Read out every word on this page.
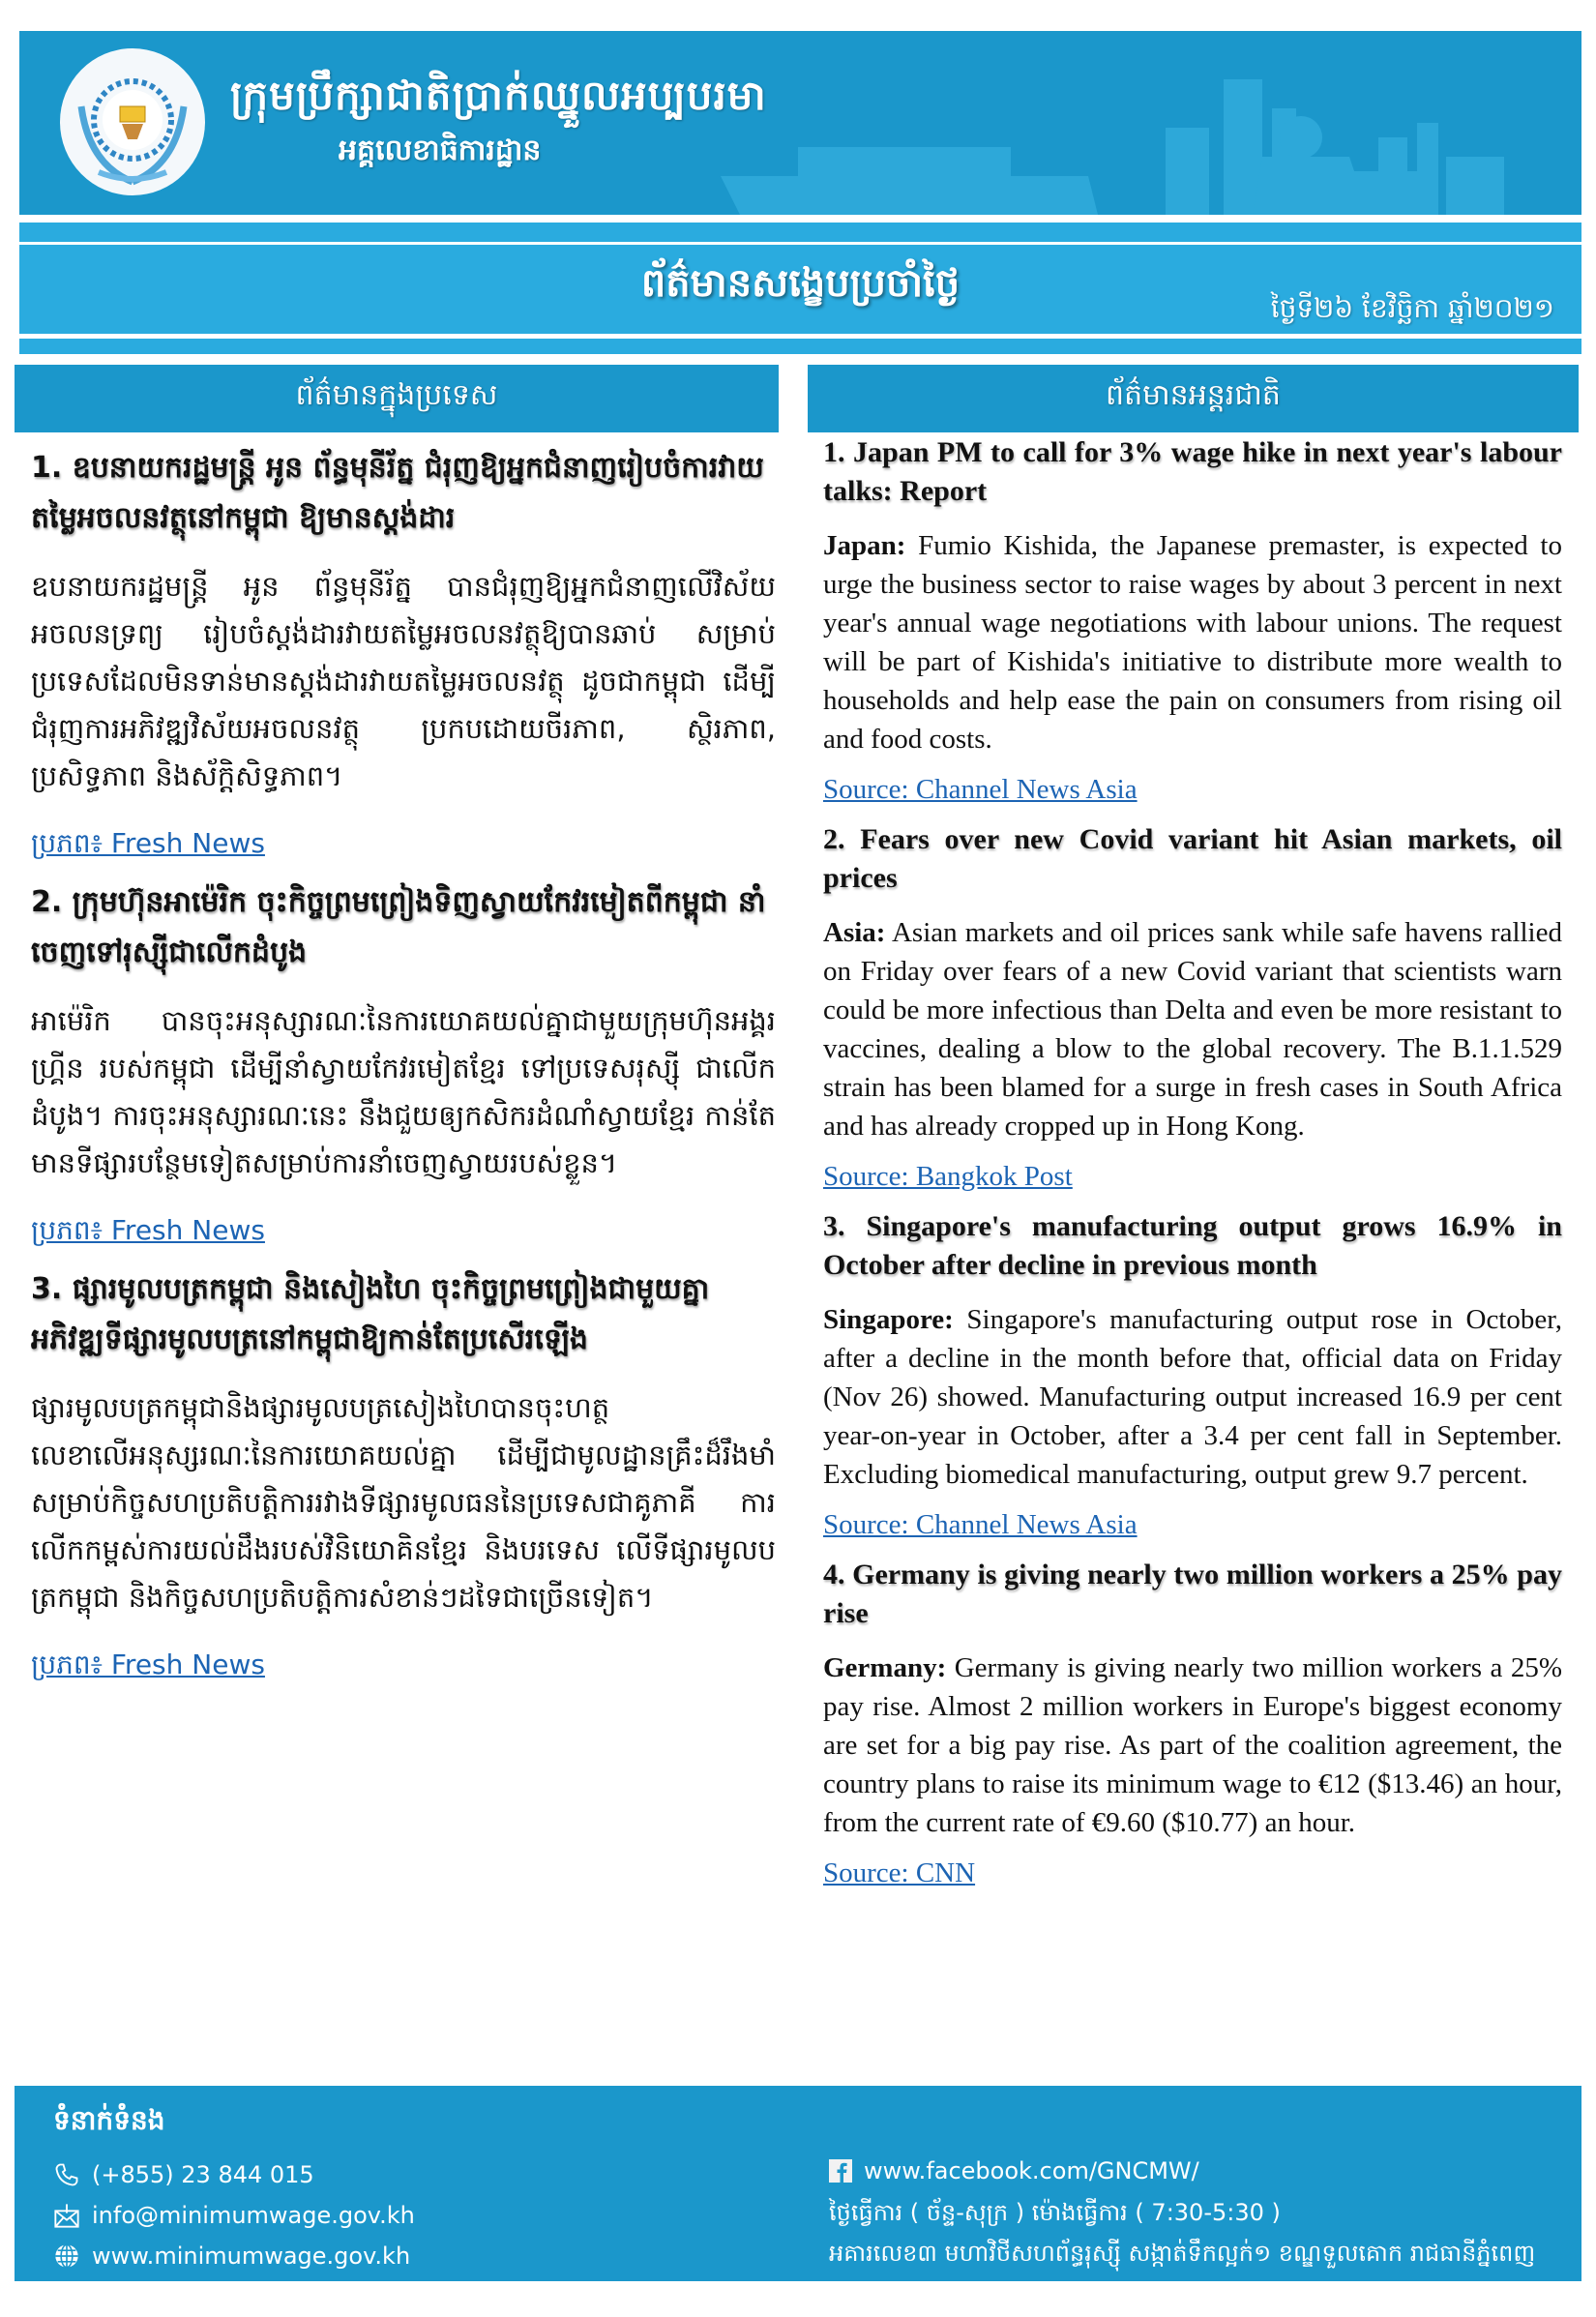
ក្រុមប្រឹក្សាជាតិប្រាក់ឈ្នួលអប្បបរមា
អគ្គលេខាធិការដ្ឋាន
ព័ត៌មានសង្ខេបប្រចាំថ្ងៃ
ថ្ងៃទី២៦ ខែវិច្ឆិកា ឆ្នាំ២០២១
ព័ត៌មានក្នុងប្រទេស	ព័ត៌មានអន្តរជាតិ
1. ឧបនាយករដ្ឋមន្រ្តី អូន ព័ន្ធមុនីរ័ត្ន ជំរុញឱ្យអ្នកជំនាញរៀបចំការវាយតម្លៃអចលនវត្ថុនៅកម្ពុជា ឱ្យមានស្តង់ដារ

ឧបនាយករដ្ឋមន្រ្តី អូន ព័ន្ធមុនីរ័ត្ន បានជំរុញឱ្យអ្នកជំនាញលើវិស័យអចលនទ្រព្យ រៀបចំស្តង់ដារវាយតម្លៃអចលនវត្ថុឱ្យបានឆាប់ សម្រាប់ប្រទេសដែលមិនទាន់មានស្តង់ដារវាយតម្លៃអចលនវត្ថុ ដូចជាកម្ពុជា ដើម្បីជំរុញការអភិវឌ្ឍវិស័យអចលនវត្ថុ ប្រកបដោយចីរភាព, ស្ថិរភាព, ប្រសិទ្ធភាព និងស័ក្តិសិទ្ធភាព។

ប្រភព៖ Fresh News
2. ក្រុមហ៊ុនអាម៉េរិក ចុះកិច្ចព្រមព្រៀងទិញស្វាយកែវរមៀតពីកម្ពុជា នាំចេញទៅរុស្ស៊ីជាលើកដំបូង

អាម៉េរិក បានចុះអនុស្សារណៈនៃការយោគយល់គ្នាជាមួយក្រុមហ៊ុនអង្គរហ្រ្គីន របស់កម្ពុជា ដើម្បីនាំស្វាយកែវរមៀតខ្មែរ ទៅប្រទេសរុស្ស៊ី ជាលើកដំបូង។ ការចុះអនុស្សារណៈនេះ នឹងជួយឲ្យកសិករដំណាំស្វាយខ្មែរ កាន់តែមានទីផ្សារបន្ថែមទៀតសម្រាប់ការនាំចេញស្វាយរបស់ខ្លួន។

ប្រភព៖ Fresh News
3. ផ្សារមូលបត្រកម្ពុជា និងសៀងហៃ ចុះកិច្ចព្រមព្រៀងជាមួយគ្នា អភិវឌ្ឍទីផ្សារមូលបត្រនៅកម្ពុជាឱ្យកាន់តែប្រសើរឡើង

ផ្សារមូលបត្រកម្ពុជានិងផ្សារមូលបត្រសៀងហៃបានចុះហត្ថលេខាលើអនុស្សរណៈនៃការយោគយល់គ្នា ដើម្បីជាមូលដ្ឋានគ្រឹះដ៏រឹងមាំសម្រាប់កិច្ចសហប្រតិបត្តិការរវាងទីផ្សារមូលធននៃប្រទេសជាគូភាគី ការលើកកម្ពស់ការយល់ដឹងរបស់វិនិយោគិនខ្មែរ និងបរទេស លើទីផ្សារមូលបត្រកម្ពុជា និងកិច្ចសហប្រតិបត្តិការសំខាន់ៗដទៃជាច្រើនទៀត។

ប្រភព៖ Fresh News
1. Japan PM to call for 3% wage hike in next year's labour talks: Report

Japan: Fumio Kishida, the Japanese premaster, is expected to urge the business sector to raise wages by about 3 percent in next year's annual wage negotiations with labour unions. The request will be part of Kishida's initiative to distribute more wealth to households and help ease the pain on consumers from rising oil and food costs.

Source: Channel News Asia
2. Fears over new Covid variant hit Asian markets, oil prices

Asia: Asian markets and oil prices sank while safe havens rallied on Friday over fears of a new Covid variant that scientists warn could be more infectious than Delta and even be more resistant to vaccines, dealing a blow to the global recovery. The B.1.1.529 strain has been blamed for a surge in fresh cases in South Africa and has already cropped up in Hong Kong.

Source: Bangkok Post
3. Singapore's manufacturing output grows 16.9% in October after decline in previous month

Singapore: Singapore's manufacturing output rose in October, after a decline in the month before that, official data on Friday (Nov 26) showed. Manufacturing output increased 16.9 per cent year-on-year in October, after a 3.4 per cent fall in September. Excluding biomedical manufacturing, output grew 9.7 percent.

Source: Channel News Asia
4. Germany is giving nearly two million workers a 25% pay rise

Germany: Germany is giving nearly two million workers a 25% pay rise. Almost 2 million workers in Europe's biggest economy are set for a big pay rise. As part of the coalition agreement, the country plans to raise its minimum wage to €12 ($13.46) an hour, from the current rate of €9.60 ($10.77) an hour.

Source: CNN
ទំនាក់ទំនង
(+855) 23 844 015
info@minimumwage.gov.kh
www.minimumwage.gov.kh
www.facebook.com/GNCMW/
ថ្ងៃធ្វើការ ( ច័ន្ទ-សុក្រ ) ម៉ោងធ្វើការ ( 7:30-5:30 )
អគារលេខ៣ មហាវិថីសហព័ន្ធរុស្ស៊ី សង្កាត់ទឹកល្អក់១ ខណ្ឌទួលគោក រាជធានីភ្នំពេញ
